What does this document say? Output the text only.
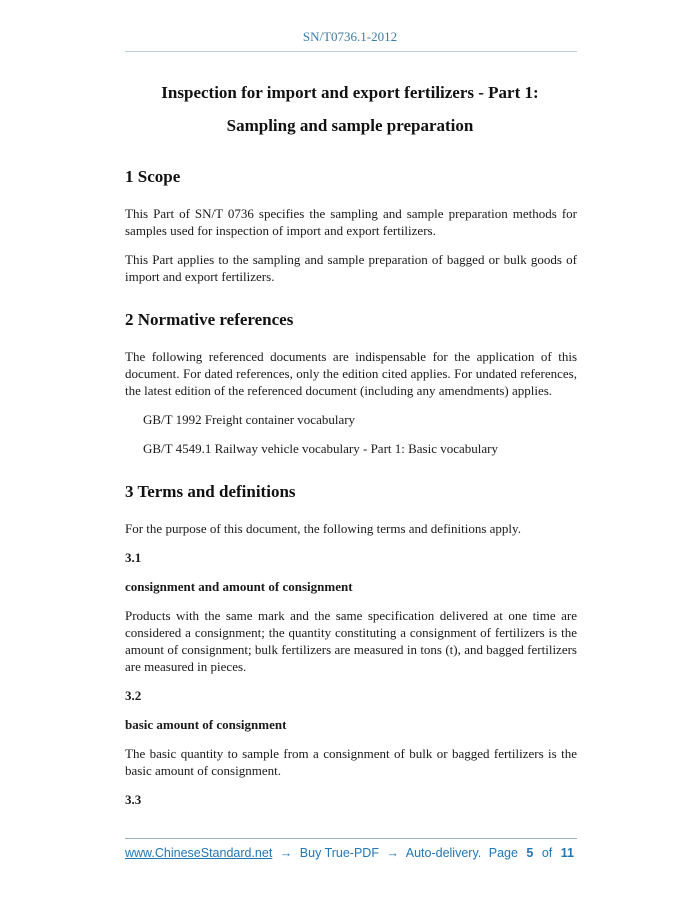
SN/T0736.1-2012
Inspection for import and export fertilizers - Part 1:
Sampling and sample preparation
1 Scope

This Part of SN/T 0736 specifies the sampling and sample preparation methods for samples used for inspection of import and export fertilizers.

This Part applies to the sampling and sample preparation of bagged or bulk goods of import and export fertilizers.

2 Normative references

The following referenced documents are indispensable for the application of this document. For dated references, only the edition cited applies. For undated references, the latest edition of the referenced document (including any amendments) applies.

GB/T 1992 Freight container vocabulary

GB/T 4549.1 Railway vehicle vocabulary - Part 1: Basic vocabulary

3 Terms and definitions

For the purpose of this document, the following terms and definitions apply.

3.1

consignment and amount of consignment

Products with the same mark and the same specification delivered at one time are considered a consignment; the quantity constituting a consignment of fertilizers is the amount of consignment; bulk fertilizers are measured in tons (t), and bagged fertilizers are measured in pieces.

3.2

basic amount of consignment

The basic quantity to sample from a consignment of bulk or bagged fertilizers is the basic amount of consignment.

3.3

www.ChineseStandard.net → Buy True-PDF → Auto-delivery. Page 5 of 11
